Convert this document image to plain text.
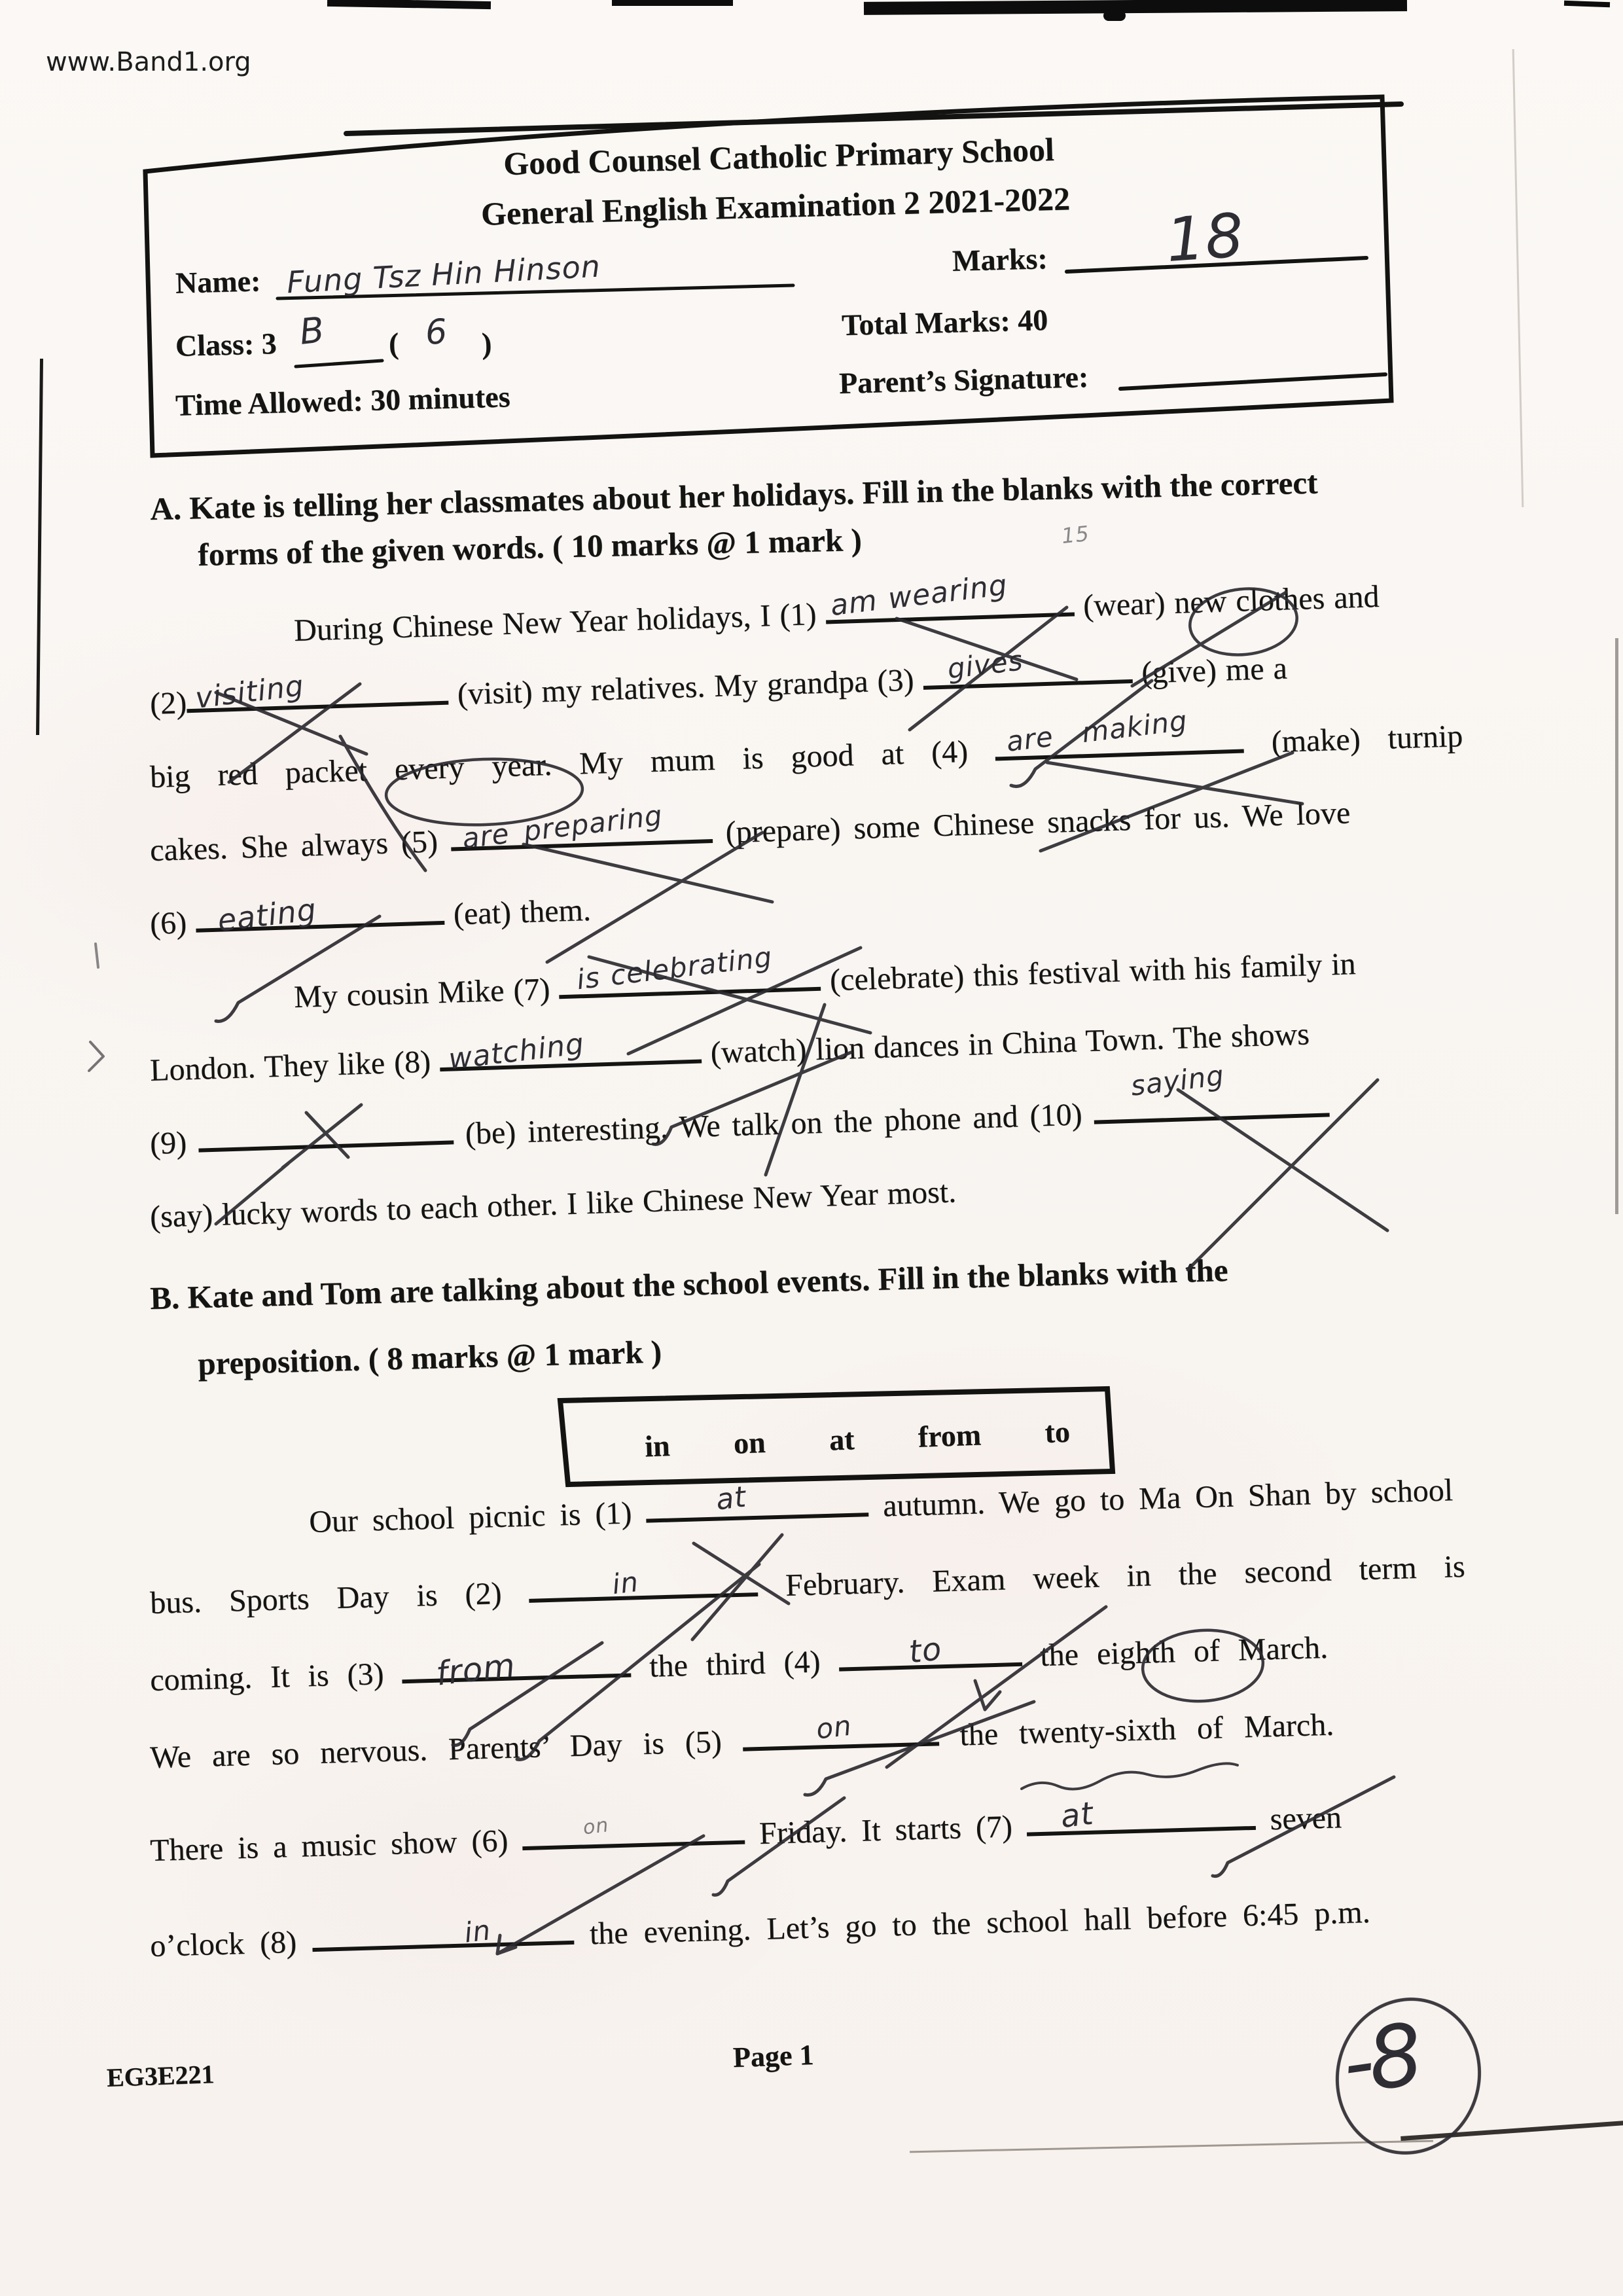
www.Band1.org
Good Counsel Catholic Primary School
General English Examination 2 2021-2022
Name: Fung Tsz Hin Hinson	Marks: 18
Class: 3 B ( 6 )
Total Marks: 40
Time Allowed: 30 minutes	Parent’s Signature:
A. Kate is telling her classmates about her holidays. Fill in the blanks with the correct
forms of the given words. ( 10 marks @ 1 mark )	15
During Chinese New Year holidays, I (1) am wearing (wear) new clothes and
(2) visiting	(visit) my relatives. My grandpa (3) gives	(give) me a
big red packet every year. My mum is good at (4)
are making (make) turnip
cakes. She always (5) are preparing (prepare) some Chinese snacks for us. We love
(6) eating	(eat) them.
My cousin Mike (7) is celebrating (celebrate) this festival with his family in
London. They like (8) watching	(watch) lion dances in China Town. The shows
(9)	(be) interesting. We talk on the phone and (10)
saying
(say) lucky words to each other. I like Chinese New Year most.
B. Kate and Tom are talking about the school events. Fill in the blanks with the
preposition. ( 8 marks @ 1 mark )
in on at from to
Our school picnic is (1) at	autumn. We go to Ma On Shan by school
bus. Sports Day is (2)	in	February. Exam week in the second term is
coming. It is (3) from	the third (4) to the eighth of March.
We are so nervous. Parents’ Day is (5)	on	the twenty-sixth of March.
There is a music show (6)	on	Friday. It starts (7) at	seven
o’clock (8)	in	the evening. Let’s go to the school hall before 6:45 p.m.
EG3E221
Page 1	-8
